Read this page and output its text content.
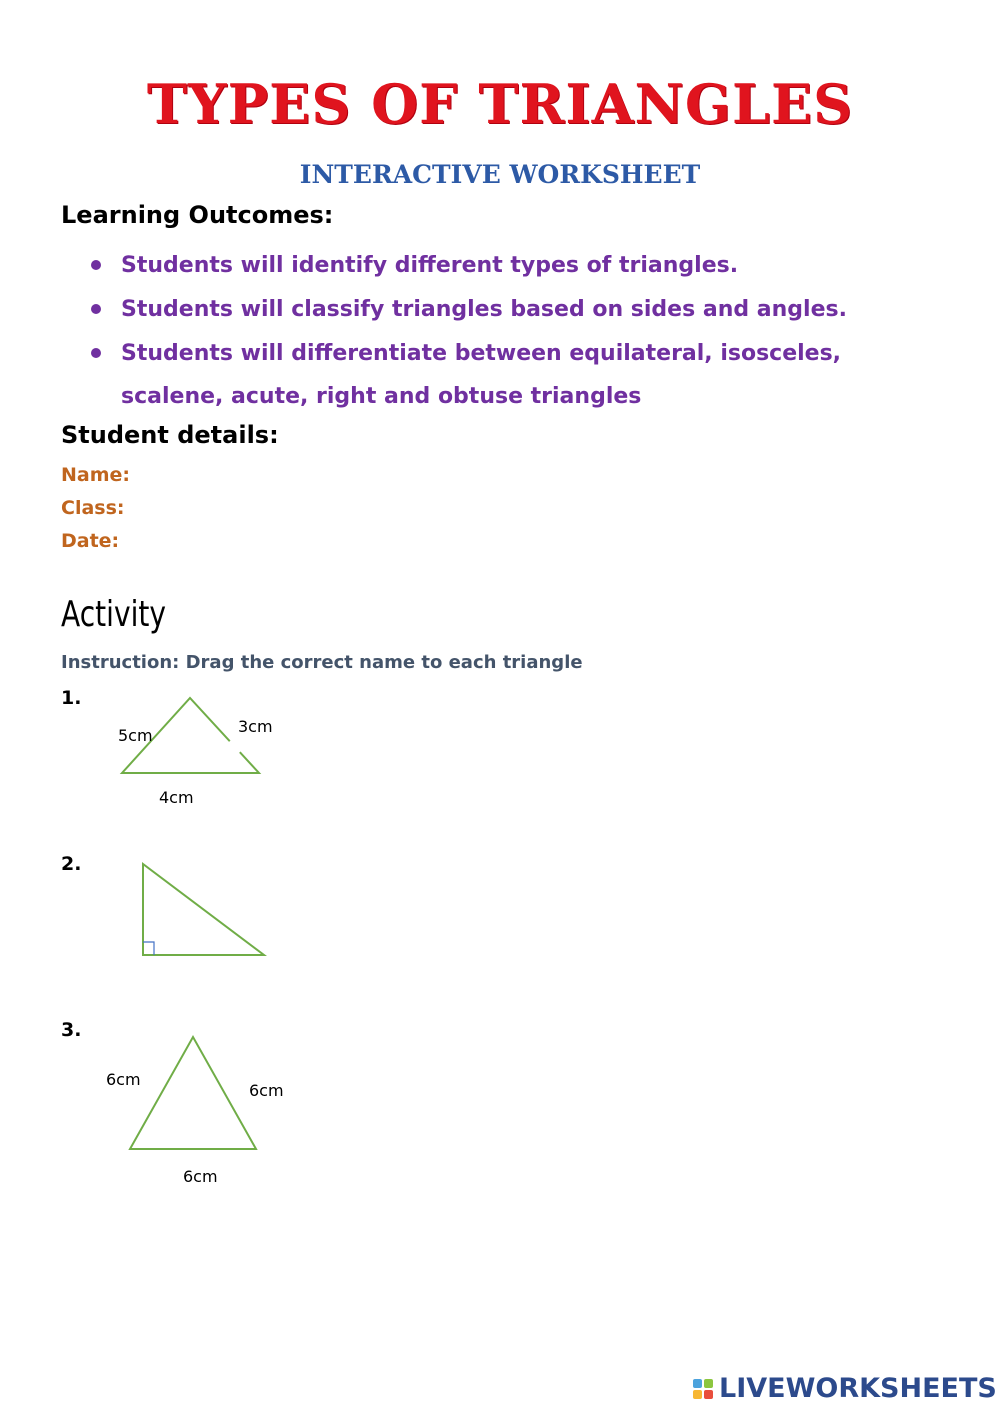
TYPES OF TRIANGLES
INTERACTIVE WORKSHEET
Learning Outcomes:
Students will identify different types of triangles.
Students will classify triangles based on sides and angles.
Students will differentiate between equilateral, isosceles, scalene, acute, right and obtuse triangles
Student details:
Name:
Class:
Date:
Activity
Instruction: Drag the correct name to each triangle
1.
5cm	3cm
4cm
2.
3.
6cm
6cm
6cm
LIVEWORKSHEETS
